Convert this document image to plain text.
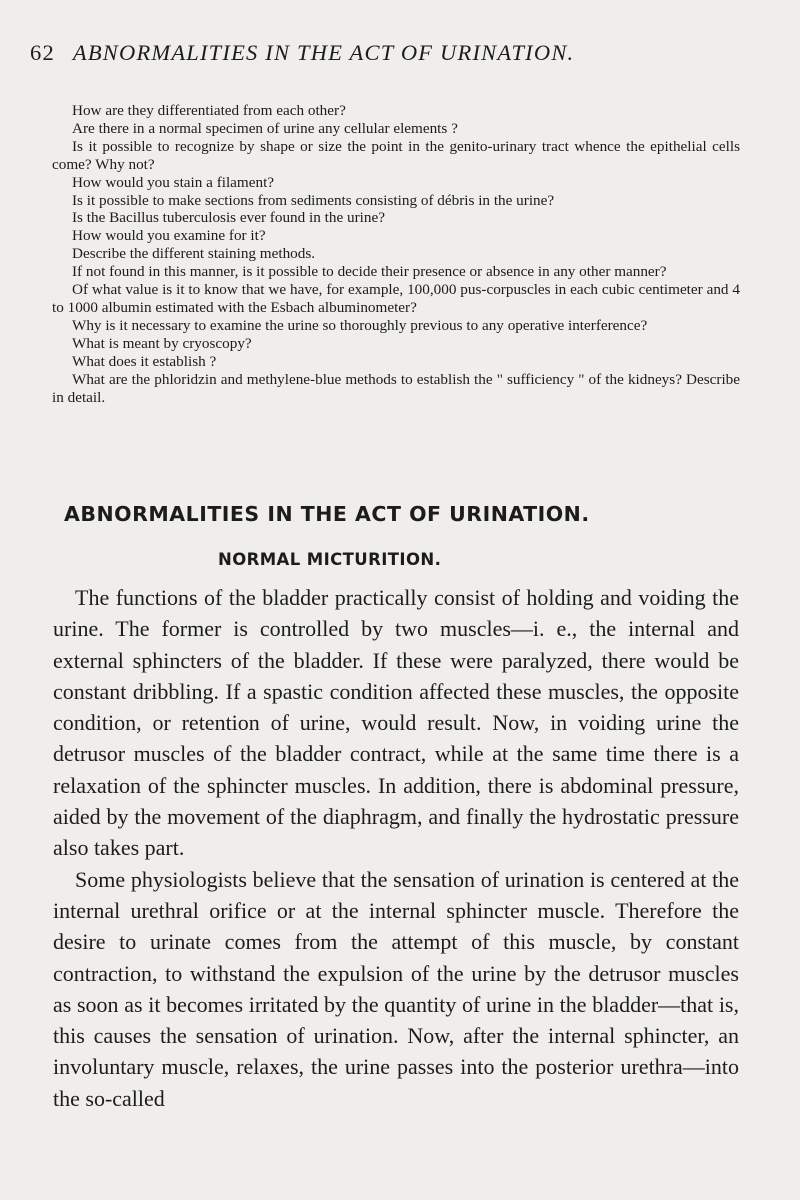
62 ABNORMALITIES IN THE ACT OF URINATION.

How are they differentiated from each other?

Are there in a normal specimen of urine any cellular elements ?

Is it possible to recognize by shape or size the point in the genito-urinary tract whence the epithelial cells come? Why not?

How would you stain a filament?

Is it possible to make sections from sediments consisting of débris in the urine?

Is the Bacillus tuberculosis ever found in the urine?

How would you examine for it?

Describe the different staining methods.

If not found in this manner, is it possible to decide their presence or absence in any other manner?

Of what value is it to know that we have, for example, 100,000 pus-corpuscles in each cubic centimeter and 4 to 1000 albumin estimated with the Esbach albuminometer?

Why is it necessary to examine the urine so thoroughly previous to any operative interference?

What is meant by cryoscopy?

What does it establish ?

What are the phloridzin and methylene-blue methods to establish the " sufficiency " of the kidneys? Describe in detail.

ABNORMALITIES IN THE ACT OF URINATION.
NORMAL MICTURITION.

The functions of the bladder practically consist of holding and voiding the urine. The former is controlled by two muscles—i. e., the internal and external sphincters of the bladder. If these were paralyzed, there would be constant dribbling. If a spastic condition affected these muscles, the opposite condition, or retention of urine, would result. Now, in voiding urine the detrusor muscles of the bladder contract, while at the same time there is a relaxation of the sphincter muscles. In addition, there is abdominal pressure, aided by the movement of the diaphragm, and finally the hydrostatic pressure also takes part.

Some physiologists believe that the sensation of urination is centered at the internal urethral orifice or at the internal sphincter muscle. Therefore the desire to urinate comes from the attempt of this muscle, by constant contraction, to withstand the expulsion of the urine by the detrusor muscles as soon as it becomes irritated by the quantity of urine in the bladder—that is, this causes the sensation of urination. Now, after the internal sphincter, an involuntary muscle, relaxes, the urine passes into the posterior urethra—into the so-called
